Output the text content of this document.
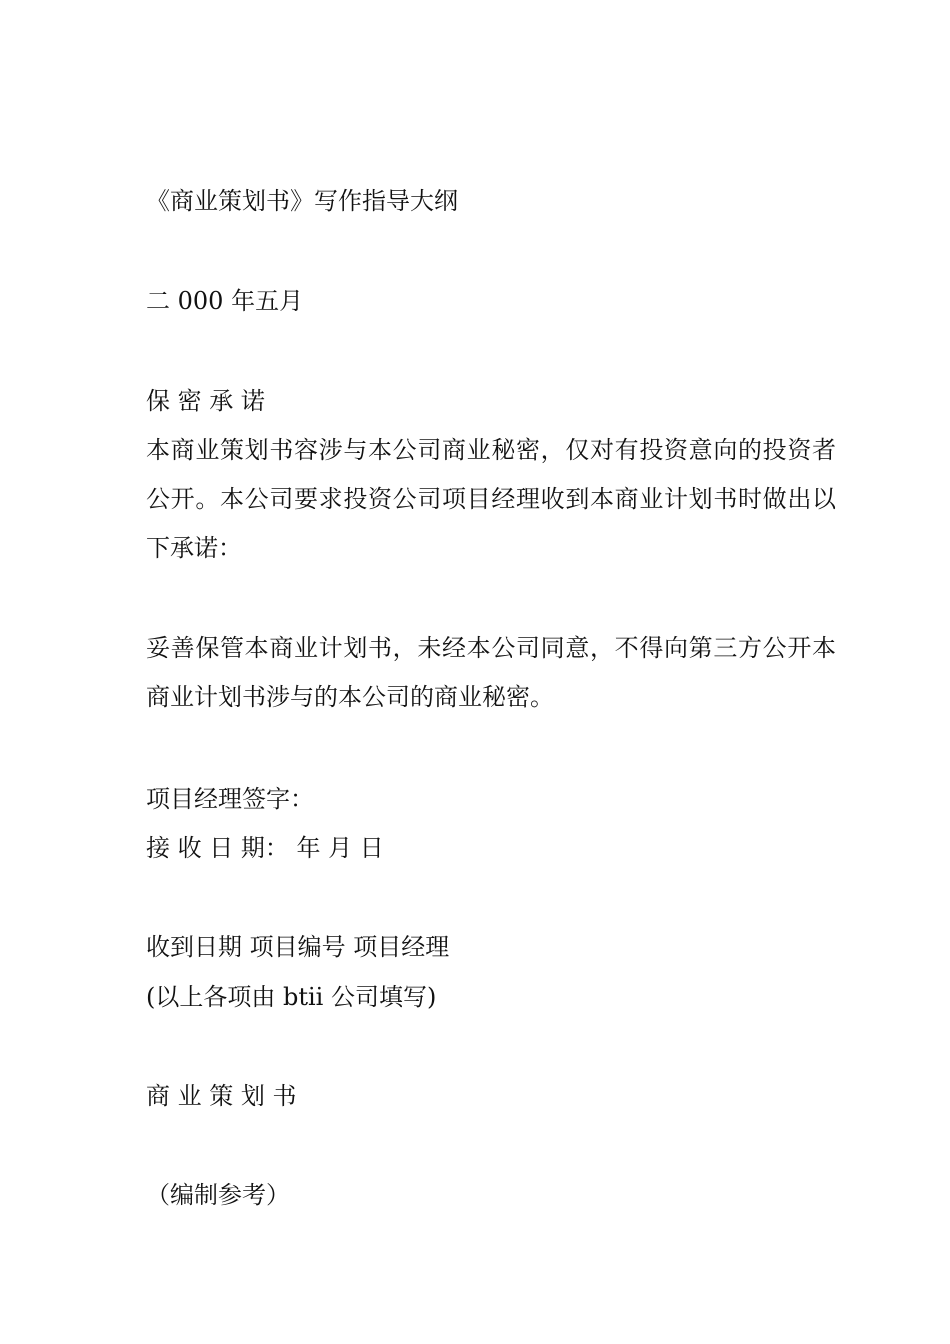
《商业策划书》写作指导大纲
二 000 年五月
保 密 承 诺
本商业策划书容涉与本公司商业秘密，仅对有投资意向的投资者公开。本公司要求投资公司项目经理收到本商业计划书时做出以下承诺：
妥善保管本商业计划书，未经本公司同意，不得向第三方公开本商业计划书涉与的本公司的商业秘密。
项目经理签字：
接 收 日 期： 年 月 日
收到日期 项目编号 项目经理
(以上各项由 btii 公司填写)
商 业 策 划 书
（编制参考）
